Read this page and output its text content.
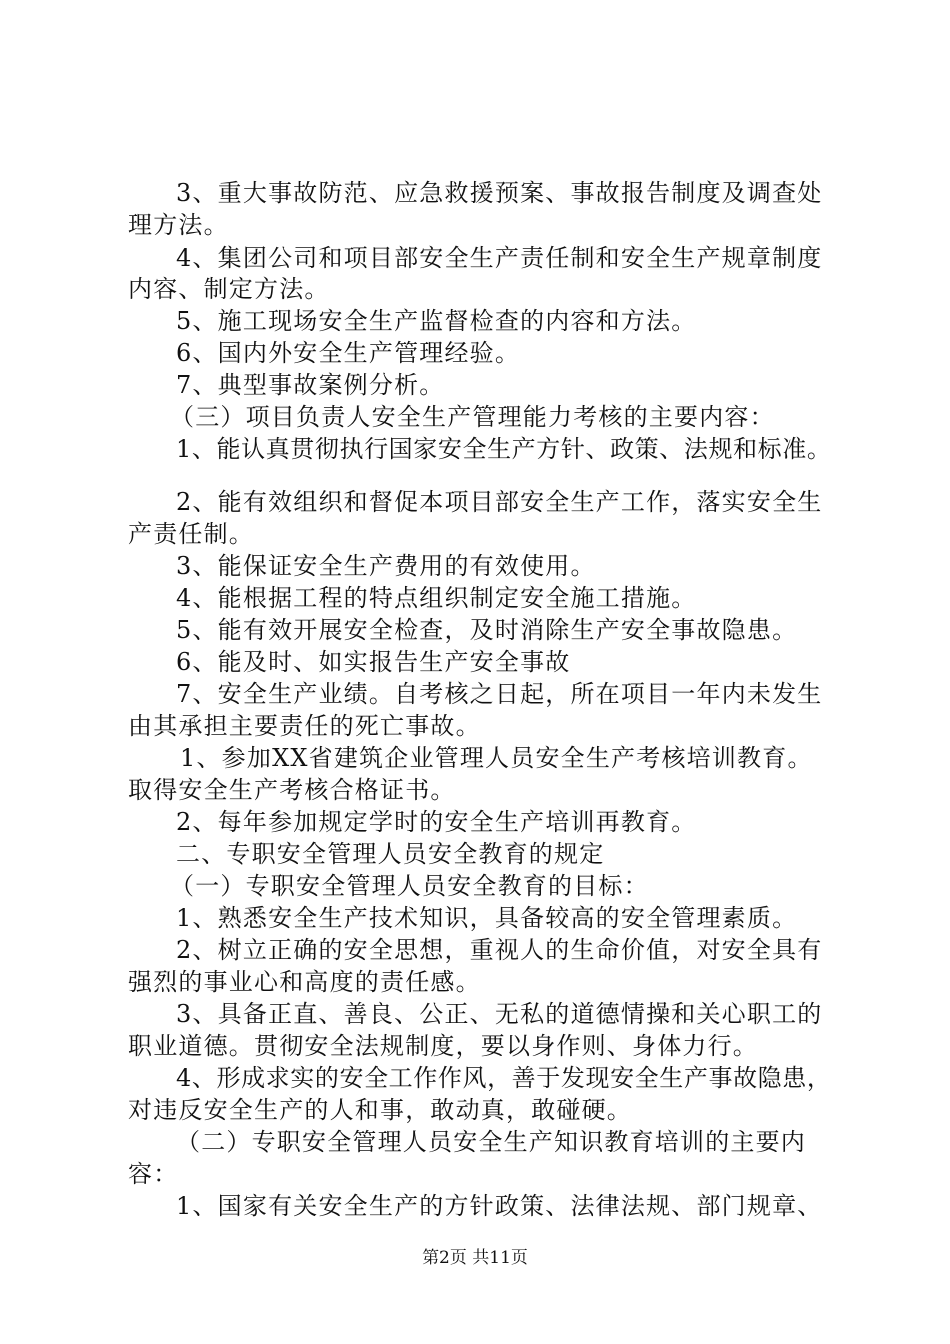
3、重大事故防范、应急救援预案、事故报告制度及调查处
理方法。
4、集团公司和项目部安全生产责任制和安全生产规章制度
内容、制定方法。
5、施工现场安全生产监督检查的内容和方法。
6、国内外安全生产管理经验。
7、典型事故案例分析。
（三）项目负责人安全生产管理能力考核的主要内容：
1、能认真贯彻执行国家安全生产方针、政策、法规和标准。
2、能有效组织和督促本项目部安全生产工作，落实安全生
产责任制。
3、能保证安全生产费用的有效使用。
4、能根据工程的特点组织制定安全施工措施。
5、能有效开展安全检查，及时消除生产安全事故隐患。
6、能及时、如实报告生产安全事故
7、安全生产业绩。自考核之日起，所在项目一年内未发生
由其承担主要责任的死亡事故。
1、参加XX省建筑企业管理人员安全生产考核培训教育。
取得安全生产考核合格证书。
2、每年参加规定学时的安全生产培训再教育。
二、专职安全管理人员安全教育的规定
（一）专职安全管理人员安全教育的目标：
1、熟悉安全生产技术知识，具备较高的安全管理素质。
2、树立正确的安全思想，重视人的生命价值，对安全具有
强烈的事业心和高度的责任感。
3、具备正直、善良、公正、无私的道德情操和关心职工的
职业道德。贯彻安全法规制度，要以身作则、身体力行。
4、形成求实的安全工作作风，善于发现安全生产事故隐患，
对违反安全生产的人和事，敢动真，敢碰硬。
（二）专职安全管理人员安全生产知识教育培训的主要内
容：
1、国家有关安全生产的方针政策、法律法规、部门规章、
第2页 共11页
